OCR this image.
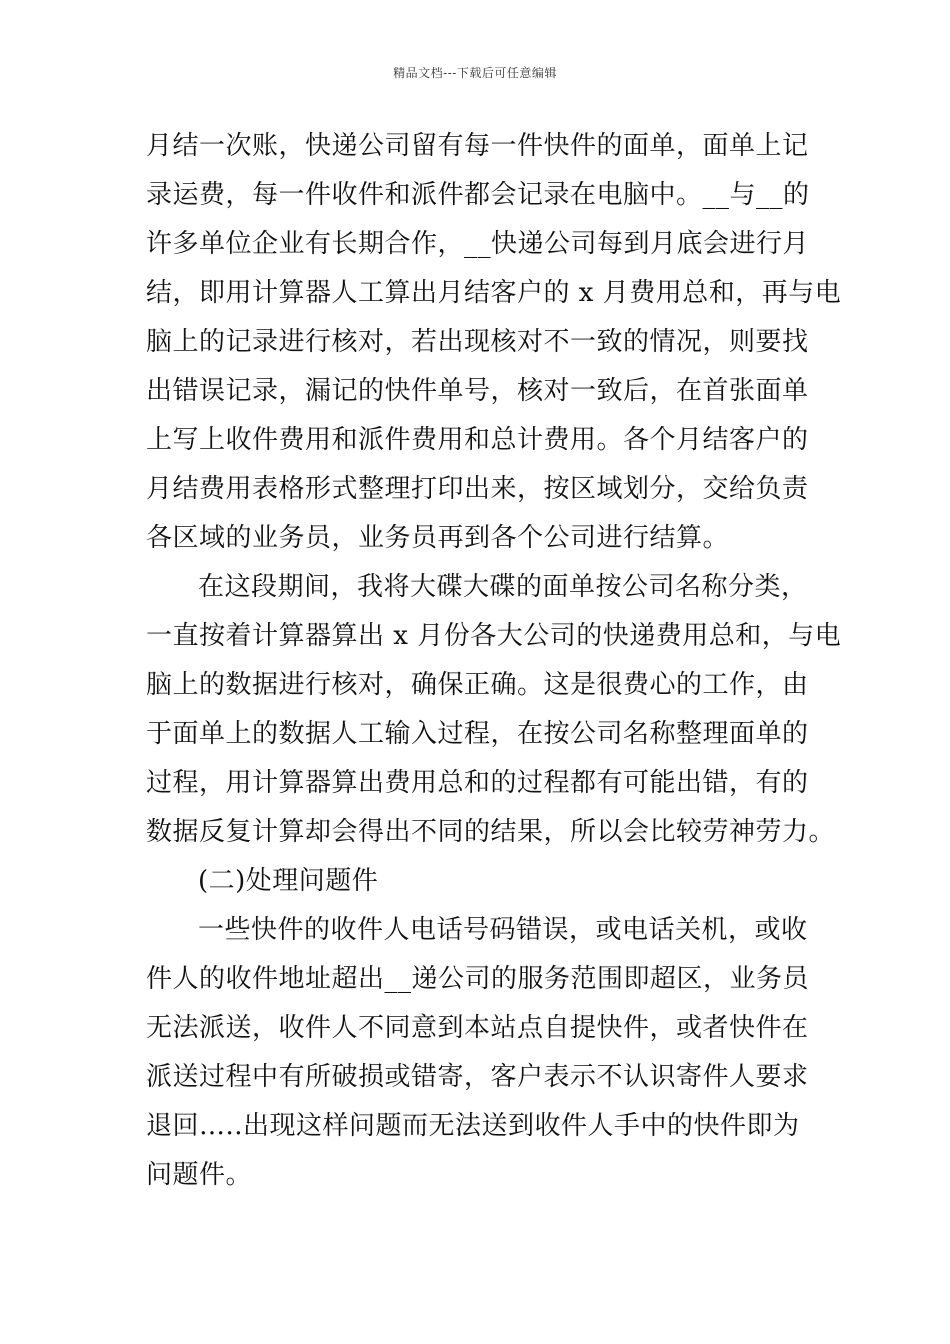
精品文档---下载后可任意编辑
月结一次账，快递公司留有每一件快件的面单，面单上记
录运费，每一件收件和派件都会记录在电脑中。__与__的
许多单位企业有长期合作，__快递公司每到月底会进行月
结，即用计算器人工算出月结客户的 x 月费用总和，再与电
脑上的记录进行核对，若出现核对不一致的情况，则要找
出错误记录，漏记的快件单号，核对一致后，在首张面单
上写上收件费用和派件费用和总计费用。各个月结客户的
月结费用表格形式整理打印出来，按区域划分，交给负责
各区域的业务员，业务员再到各个公司进行结算。
在这段期间，我将大碟大碟的面单按公司名称分类，
一直按着计算器算出 x 月份各大公司的快递费用总和，与电
脑上的数据进行核对，确保正确。这是很费心的工作，由
于面单上的数据人工输入过程，在按公司名称整理面单的
过程，用计算器算出费用总和的过程都有可能出错，有的
数据反复计算却会得出不同的结果，所以会比较劳神劳力。
(二)处理问题件
一些快件的收件人电话号码错误，或电话关机，或收
件人的收件地址超出__递公司的服务范围即超区，业务员
无法派送，收件人不同意到本站点自提快件，或者快件在
派送过程中有所破损或错寄，客户表示不认识寄件人要求
退回…..出现这样问题而无法送到收件人手中的快件即为
问题件。
